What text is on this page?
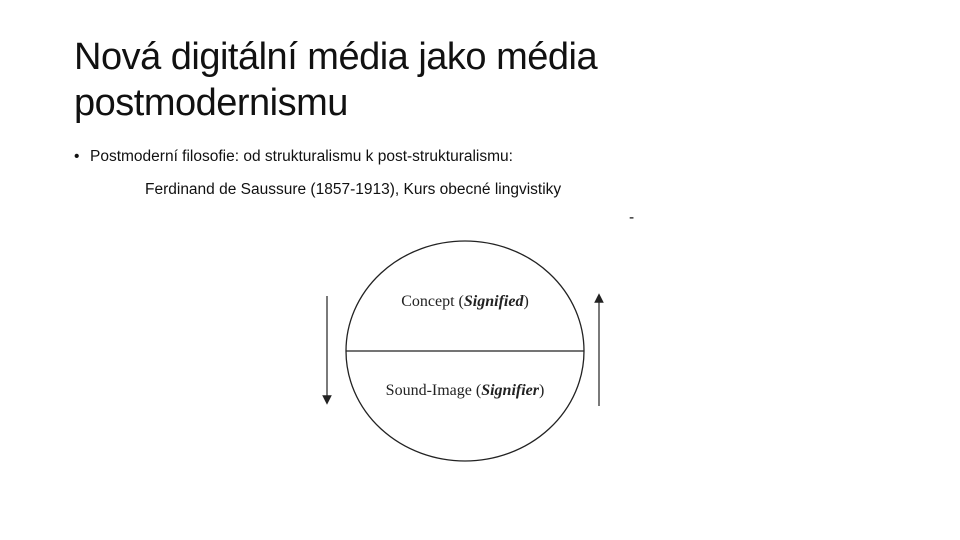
Nová digitální média jako média
postmodernismu
• Postmoderní filosofie: od strukturalismu k post-strukturalismu:
Ferdinand de Saussure (1857-1913), Kurs obecné lingvistiky
-
Concept (Signified)
Sound-Image (Signifier)
